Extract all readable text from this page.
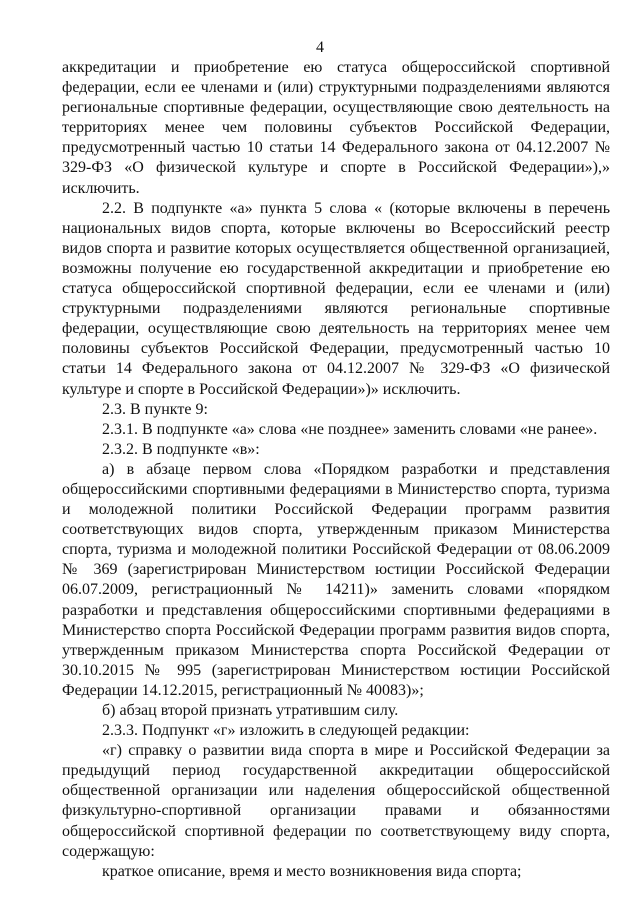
4

аккредитации и приобретение ею статуса общероссийской спортивной федерации, если ее членами и (или) структурными подразделениями являются региональные спортивные федерации, осуществляющие свою деятельность на территориях менее чем половины субъектов Российской Федерации, предусмотренный частью 10 статьи 14 Федерального закона от 04.12.2007 № 329-ФЗ «О физической культуре и спорте в Российской Федерации»),» исключить.

2.2. В подпункте «а» пункта 5 слова « (которые включены в перечень национальных видов спорта, которые включены во Всероссийский реестр видов спорта и развитие которых осуществляется общественной организацией, возможны получение ею государственной аккредитации и приобретение ею статуса общероссийской спортивной федерации, если ее членами и (или) структурными подразделениями являются региональные спортивные федерации, осуществляющие свою деятельность на территориях менее чем половины субъектов Российской Федерации, предусмотренный частью 10 статьи 14 Федерального закона от 04.12.2007 № 329-ФЗ «О физической культуре и спорте в Российской Федерации»)» исключить.

2.3. В пункте 9:

2.3.1. В подпункте «а» слова «не позднее» заменить словами «не ранее».

2.3.2. В подпункте «в»:

а) в абзаце первом слова «Порядком разработки и представления общероссийскими спортивными федерациями в Министерство спорта, туризма и молодежной политики Российской Федерации программ развития соответствующих видов спорта, утвержденным приказом Министерства спорта, туризма и молодежной политики Российской Федерации от 08.06.2009 № 369 (зарегистрирован Министерством юстиции Российской Федерации 06.07.2009, регистрационный № 14211)» заменить словами «порядком разработки и представления общероссийскими спортивными федерациями в Министерство спорта Российской Федерации программ развития видов спорта, утвержденным приказом Министерства спорта Российской Федерации от 30.10.2015 № 995 (зарегистрирован Министерством юстиции Российской Федерации 14.12.2015, регистрационный № 40083)»;

б) абзац второй признать утратившим силу.

2.3.3. Подпункт «г» изложить в следующей редакции:

«г) справку о развитии вида спорта в мире и Российской Федерации за предыдущий период государственной аккредитации общероссийской общественной организации или наделения общероссийской общественной физкультурно-спортивной организации правами и обязанностями общероссийской спортивной федерации по соответствующему виду спорта, содержащую:

краткое описание, время и место возникновения вида спорта;
